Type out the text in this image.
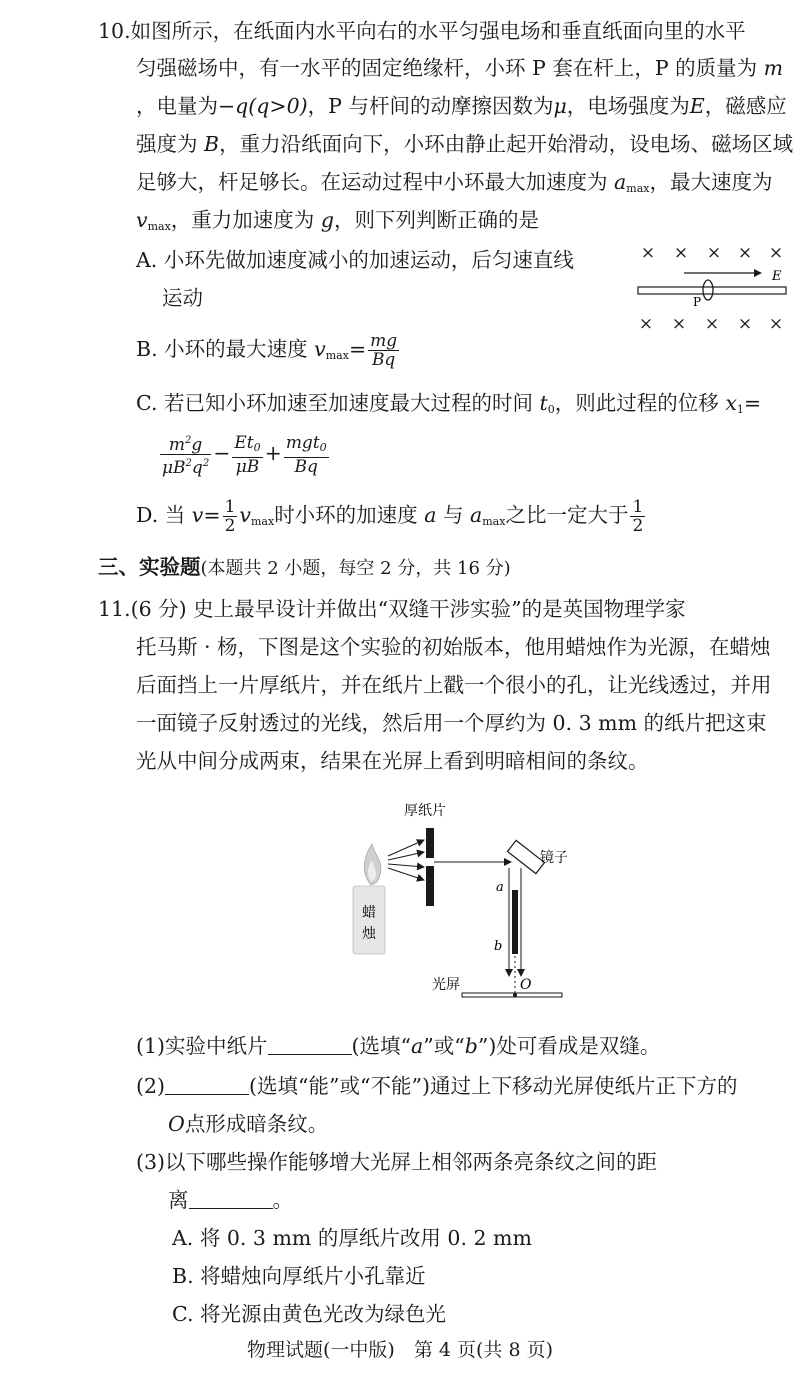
10.如图所示，在纸面内水平向右的水平匀强电场和垂直纸面向里的水平
匀强磁场中，有一水平的固定绝缘杆，小环 P 套在杆上，P 的质量为 m
，电量为−q(q>0)，P 与杆间的动摩擦因数为μ，电场强度为E，磁感应
强度为 B，重力沿纸面向下，小环由静止起开始滑动，设电场、磁场区域
足够大，杆足够长。在运动过程中小环最大加速度为 $a_{max}$，最大速度为
$v_{max}$，重力加速度为 g，则下列判断正确的是
A. 小环先做加速度减小的加速运动，后匀速直线
运动
× × × × ×
× × × × ×
E
P
B. 小环的最大速度 $v_{max}= \frac{mg}{Bq}$
C. 若已知小环加速至加速度最大过程的时间 $t_0$，则此过程的位移 $x_1=$
$\frac{m^2g}{\mu B^2q^2} - \frac{Et_0}{\mu B} + \frac{mgt_0}{Bq}$
D. 当 $v= \frac{1}{2} v_{max}$时小环的加速度 a 与 $a_{max}$之比一定大于 $\frac{1}{2}$
三、实验题(本题共 2 小题，每空 2 分，共 16 分)
11.(6 分) 史上最早设计并做出“双缝干涉实验”的是英国物理学家
托马斯 · 杨，下图是这个实验的初始版本，他用蜡烛作为光源，在蜡烛
后面挡上一片厚纸片，并在纸片上戳一个很小的孔，让光线透过，并用
一面镜子反射透过的光线，然后用一个厚约为 0. 3 mm 的纸片把这束
光从中间分成两束，结果在光屏上看到明暗相间的条纹。
蜡
烛
厚纸片
镜子
a
b
光屏	O
(1)实验中纸片	(选填“a”或“b”)处可看成是双缝。
(2)	(选填“能”或“不能”)通过上下移动光屏使纸片正下方的
O点形成暗条纹。
(3)以下哪些操作能够增大光屏上相邻两条亮条纹之间的距
离	。
A. 将 0. 3 mm 的厚纸片改用 0. 2 mm
B. 将蜡烛向厚纸片小孔靠近
C. 将光源由黄色光改为绿色光
物理试题(一中版)　第 4 页(共 8 页)
